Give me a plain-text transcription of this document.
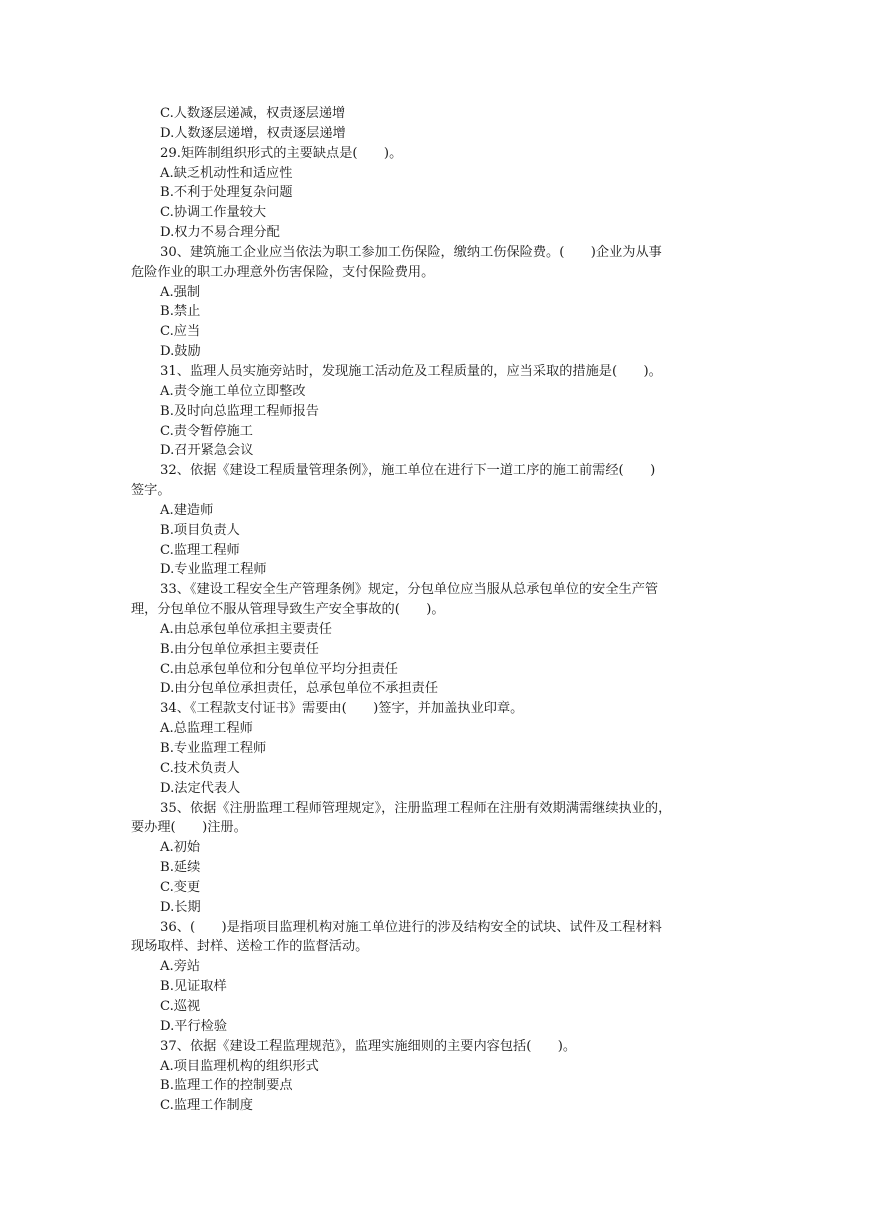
C.人数逐层递减，权责逐层递增
D.人数逐层递增，权责逐层递增
29.矩阵制组织形式的主要缺点是(　　)。
A.缺乏机动性和适应性
B.不利于处理复杂问题
C.协调工作量较大
D.权力不易合理分配
30、建筑施工企业应当依法为职工参加工伤保险，缴纳工伤保险费。(　　)企业为从事
危险作业的职工办理意外伤害保险，支付保险费用。
A.强制
B.禁止
C.应当
D.鼓励
31、监理人员实施旁站时，发现施工活动危及工程质量的，应当采取的措施是(　　)。
A.责令施工单位立即整改
B.及时向总监理工程师报告
C.责令暂停施工
D.召开紧急会议
32、依据《建设工程质量管理条例》，施工单位在进行下一道工序的施工前需经(　　)
签字。
A.建造师
B.项目负责人
C.监理工程师
D.专业监理工程师
33、《建设工程安全生产管理条例》规定，分包单位应当服从总承包单位的安全生产管
理，分包单位不服从管理导致生产安全事故的(　　)。
A.由总承包单位承担主要责任
B.由分包单位承担主要责任
C.由总承包单位和分包单位平均分担责任
D.由分包单位承担责任，总承包单位不承担责任
34、《工程款支付证书》需要由(　　)签字，并加盖执业印章。
A.总监理工程师
B.专业监理工程师
C.技术负责人
D.法定代表人
35、依据《注册监理工程师管理规定》，注册监理工程师在注册有效期满需继续执业的，
要办理(　　)注册。
A.初始
B.延续
C.变更
D.长期
36、(　　)是指项目监理机构对施工单位进行的涉及结构安全的试块、试件及工程材料
现场取样、封样、送检工作的监督活动。
A.旁站
B.见证取样
C.巡视
D.平行检验
37、依据《建设工程监理规范》，监理实施细则的主要内容包括(　　)。
A.项目监理机构的组织形式
B.监理工作的控制要点
C.监理工作制度
